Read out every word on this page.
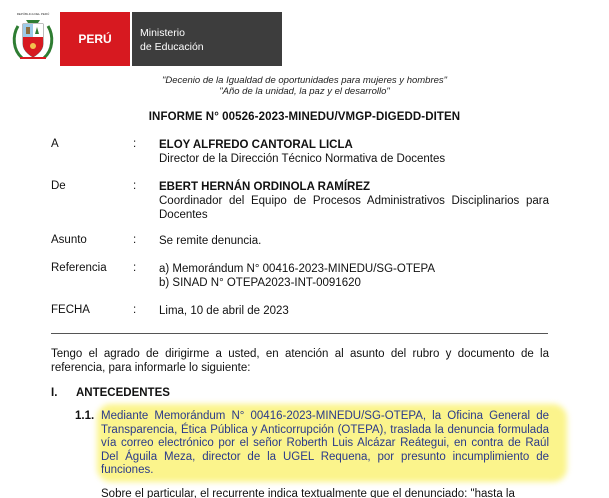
REPÚBLICA DEL PERÚ
PERÚ	Ministerio
de Educación
"Decenio de la Igualdad de oportunidades para mujeres y hombres"
"Año de la unidad, la paz y el desarrollo"
INFORME N° 00526-2023-MINEDU/VMGP-DIGEDD-DITEN
A	: ELOY ALFREDO CANTORAL LICLA
Director de la Dirección Técnico Normativa de Docentes
De	: EBERT HERNÁN ORDINOLA RAMÍREZ
Coordinador del Equipo de Procesos Administrativos Disciplinarios para Docentes
Asunto	: Se remite denuncia.
Referencia : a) Memorándum N° 00416-2023-MINEDU/SG-OTEPA
b) SINAD N° OTEPA2023-INT-0091620
FECHA	: Lima, 10 de abril de 2023
Tengo el agrado de dirigirme a usted, en atención al asunto del rubro y documento de la referencia, para informarle lo siguiente:
I. ANTECEDENTES
1.1. Mediante Memorándum N° 00416-2023-MINEDU/SG-OTEPA, la Oficina General de Transparencia, Ética Pública y Anticorrupción (OTEPA), traslada la denuncia formulada vía correo electrónico por el señor Roberth Luis Alcázar Reátegui, en contra de Raúl Del Águila Meza, director de la UGEL Requena, por presunto incumplimiento de funciones.
Sobre el particular, el recurrente indica textualmente que el denunciado: "hasta la
